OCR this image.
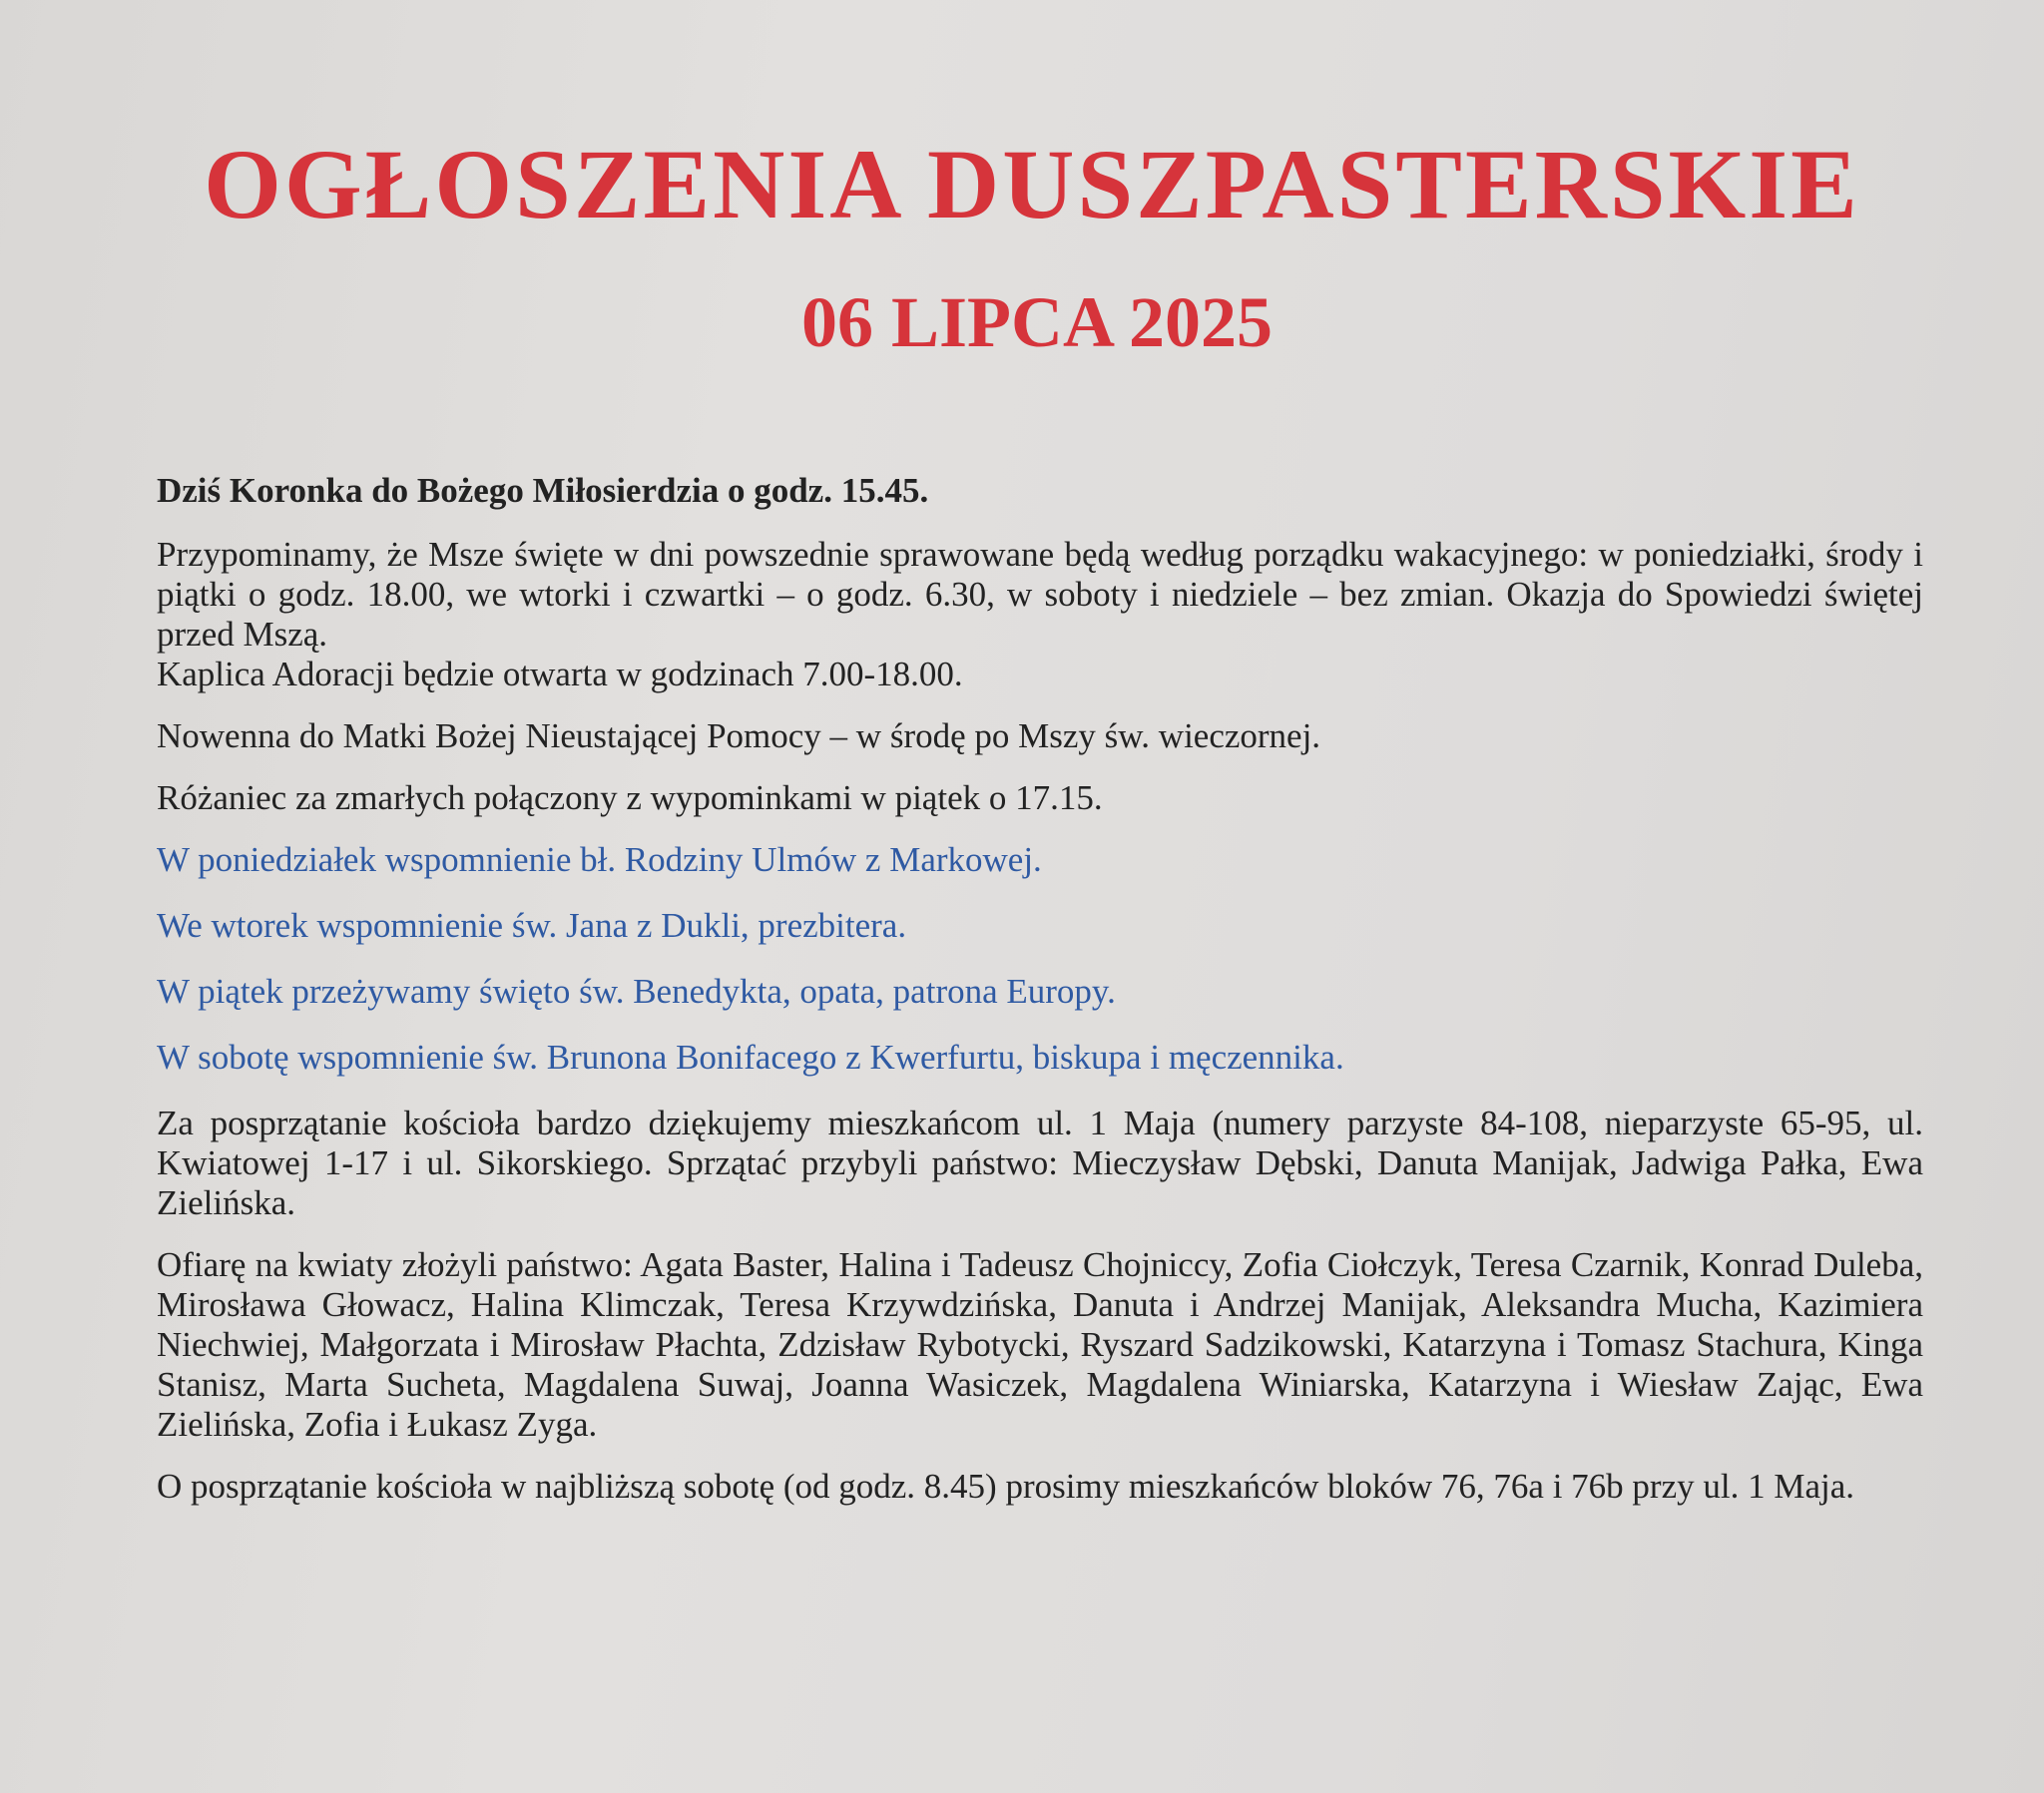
OGŁOSZENIA DUSZPASTERSKIE
06 LIPCA 2025

Dziś Koronka do Bożego Miłosierdzia o godz. 15.45.

Przypominamy, że Msze święte w dni powszednie sprawowane będą według porządku wakacyjnego: w poniedziałki, środy i piątki o godz. 18.00, we wtorki i czwartki – o godz. 6.30, w soboty i niedziele – bez zmian. Okazja do Spowiedzi świętej przed Mszą.

Kaplica Adoracji będzie otwarta w godzinach 7.00-18.00.

Nowenna do Matki Bożej Nieustającej Pomocy – w środę po Mszy św. wieczornej.

Różaniec za zmarłych połączony z wypominkami w piątek o 17.15.

W poniedziałek wspomnienie bł. Rodziny Ulmów z Markowej.

We wtorek wspomnienie św. Jana z Dukli, prezbitera.

W piątek przeżywamy święto św. Benedykta, opata, patrona Europy.

W sobotę wspomnienie św. Brunona Bonifacego z Kwerfurtu, biskupa i męczennika.

Za posprzątanie kościoła bardzo dziękujemy mieszkańcom ul. 1 Maja (numery parzyste 84-108, nieparzyste 65-95, ul. Kwiatowej 1-17 i ul. Sikorskiego. Sprzątać przybyli państwo: Mieczysław Dębski, Danuta Manijak, Jadwiga Pałka, Ewa Zielińska.

Ofiarę na kwiaty złożyli państwo: Agata Baster, Halina i Tadeusz Chojniccy, Zofia Ciołczyk, Teresa Czarnik, Konrad Duleba, Mirosława Głowacz, Halina Klimczak, Teresa Krzywdzińska, Danuta i Andrzej Manijak, Aleksandra Mucha, Kazimiera Niechwiej, Małgorzata i Mirosław Płachta, Zdzisław Rybotycki, Ryszard Sadzikowski, Katarzyna i Tomasz Stachura, Kinga Stanisz, Marta Sucheta, Magdalena Suwaj, Joanna Wasiczek, Magdalena Winiarska, Katarzyna i Wiesław Zając, Ewa Zielińska, Zofia i Łukasz Zyga.

O posprzątanie kościoła w najbliższą sobotę (od godz. 8.45) prosimy mieszkańców bloków 76, 76a i 76b przy ul. 1 Maja.
